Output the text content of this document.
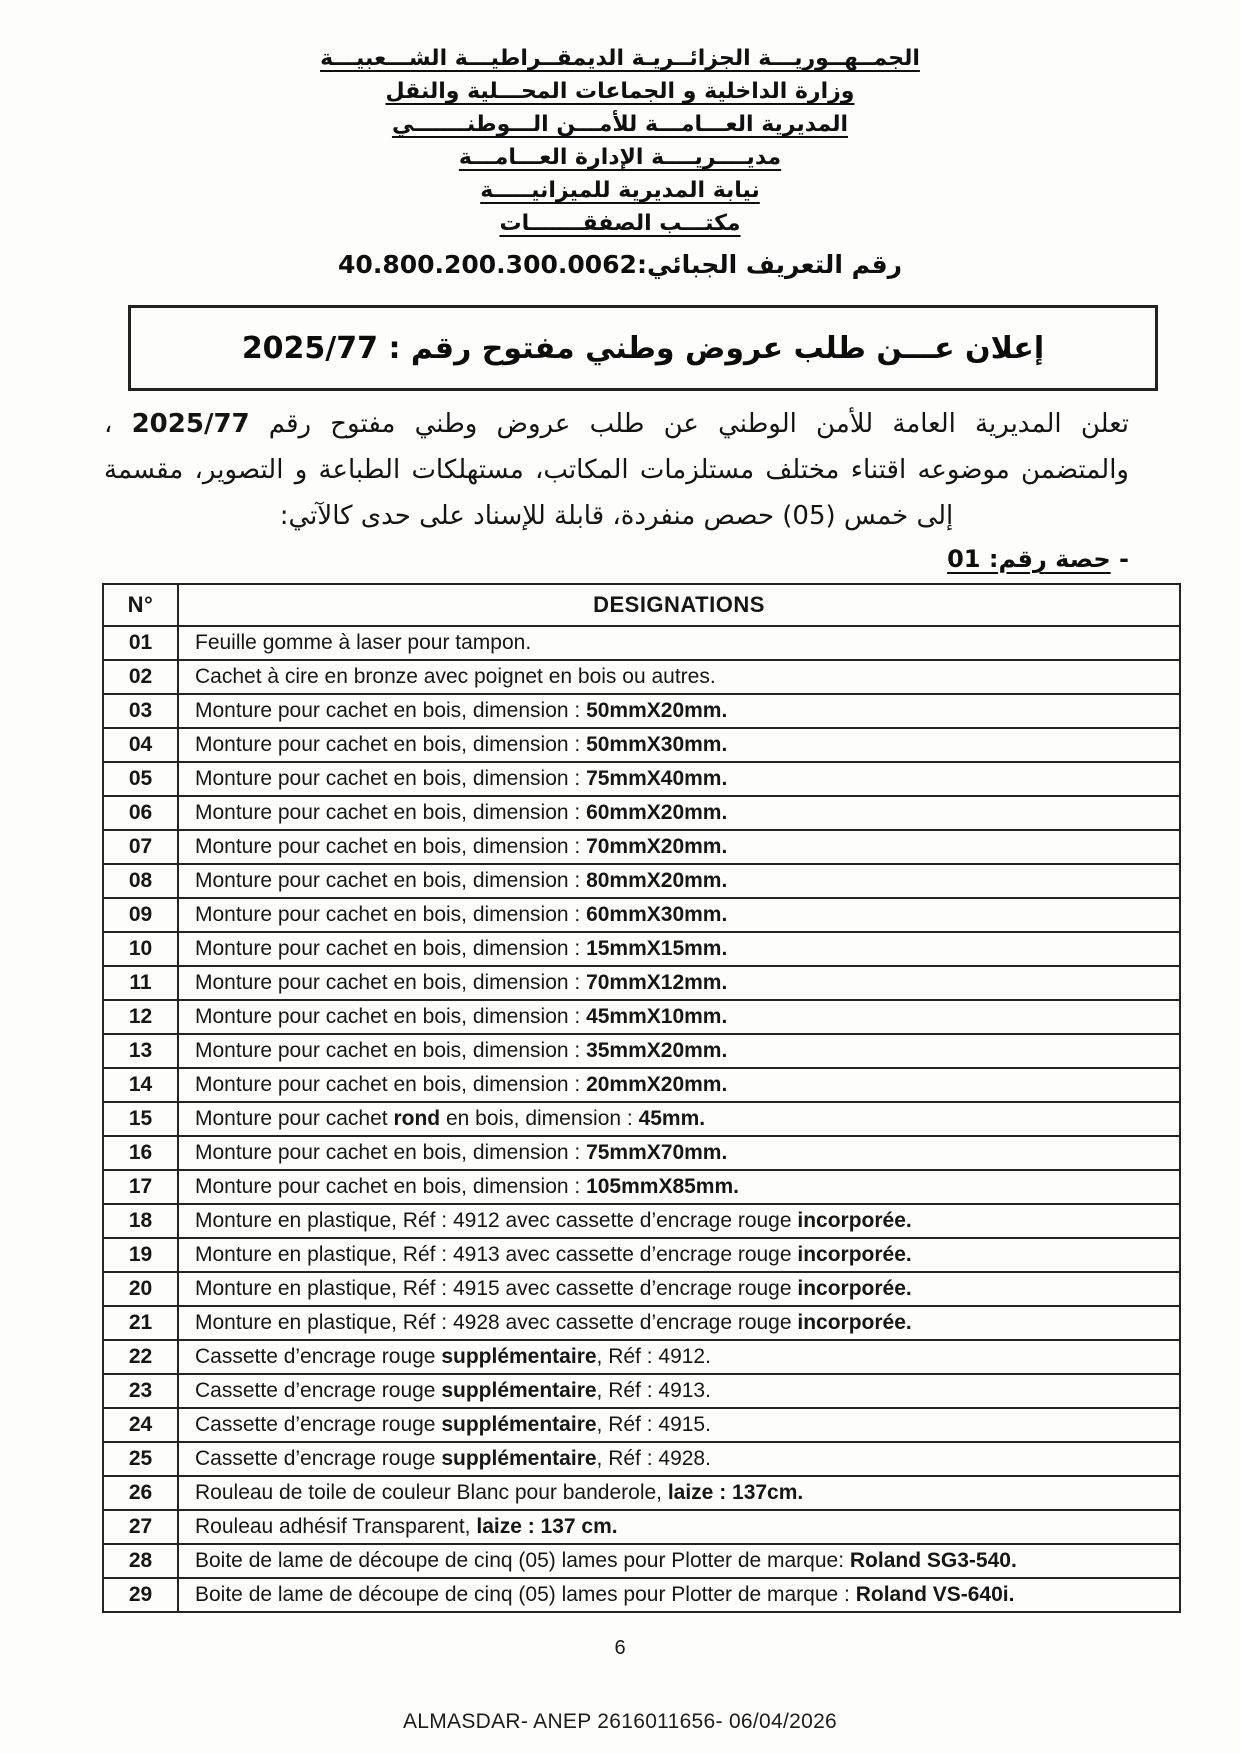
الجمــهــوريـــة الجزائــريـة الديمقــراطيـــة الشـــعبيـــة
وزارة الداخلية و الجماعات المحـــلية والنقل
المديرية العـــامـــة للأمـــن الـــوطنـــــــي
مديــــريــــة الإدارة العـــامـــة
نيابة المديرية للميزانيـــــة
مكتـــب الصفقـــــــات
رقم التعريف الجبائي:40.800.200.300.0062
إعلان عـــن طلب عروض وطني مفتوح رقم : 2025/77
تعلن المديرية العامة للأمن الوطني عن طلب عروض وطني مفتوح رقم 2025/77 ،
والمتضمن موضوعه اقتناء مختلف مستلزمات المكاتب، مستهلكات الطباعة و التصوير، مقسمة
إلى خمس (05) حصص منفردة، قابلة للإسناد على حدى كالآتي:
- حصة رقم: 01
N°	DESIGNATIONS
01	Feuille gomme à laser pour tampon.
02	Cachet à cire en bronze avec poignet en bois ou autres.
03	Monture pour cachet en bois, dimension : 50mmX20mm.
04	Monture pour cachet en bois, dimension : 50mmX30mm.
05	Monture pour cachet en bois, dimension : 75mmX40mm.
06	Monture pour cachet en bois, dimension : 60mmX20mm.
07	Monture pour cachet en bois, dimension : 70mmX20mm.
08	Monture pour cachet en bois, dimension : 80mmX20mm.
09	Monture pour cachet en bois, dimension : 60mmX30mm.
10	Monture pour cachet en bois, dimension : 15mmX15mm.
11	Monture pour cachet en bois, dimension : 70mmX12mm.
12	Monture pour cachet en bois, dimension : 45mmX10mm.
13	Monture pour cachet en bois, dimension : 35mmX20mm.
14	Monture pour cachet en bois, dimension : 20mmX20mm.
15	Monture pour cachet rond en bois, dimension : 45mm.
16	Monture pour cachet en bois, dimension : 75mmX70mm.
17	Monture pour cachet en bois, dimension : 105mmX85mm.
18	Monture en plastique, Réf : 4912 avec cassette d’encrage rouge incorporée.
19	Monture en plastique, Réf : 4913 avec cassette d’encrage rouge incorporée.
20	Monture en plastique, Réf : 4915 avec cassette d’encrage rouge incorporée.
21	Monture en plastique, Réf : 4928 avec cassette d’encrage rouge incorporée.
22	Cassette d’encrage rouge supplémentaire, Réf : 4912.
23	Cassette d’encrage rouge supplémentaire, Réf : 4913.
24	Cassette d’encrage rouge supplémentaire, Réf : 4915.
25	Cassette d’encrage rouge supplémentaire, Réf : 4928.
26	Rouleau de toile de couleur Blanc pour banderole, laize : 137cm.
27	Rouleau adhésif Transparent, laize : 137 cm.
28	Boite de lame de découpe de cinq (05) lames pour Plotter de marque: Roland SG3-540.
29	Boite de lame de découpe de cinq (05) lames pour Plotter de marque : Roland VS-640i.
6
ALMASDAR- ANEP 2616011656- 06/04/2026
